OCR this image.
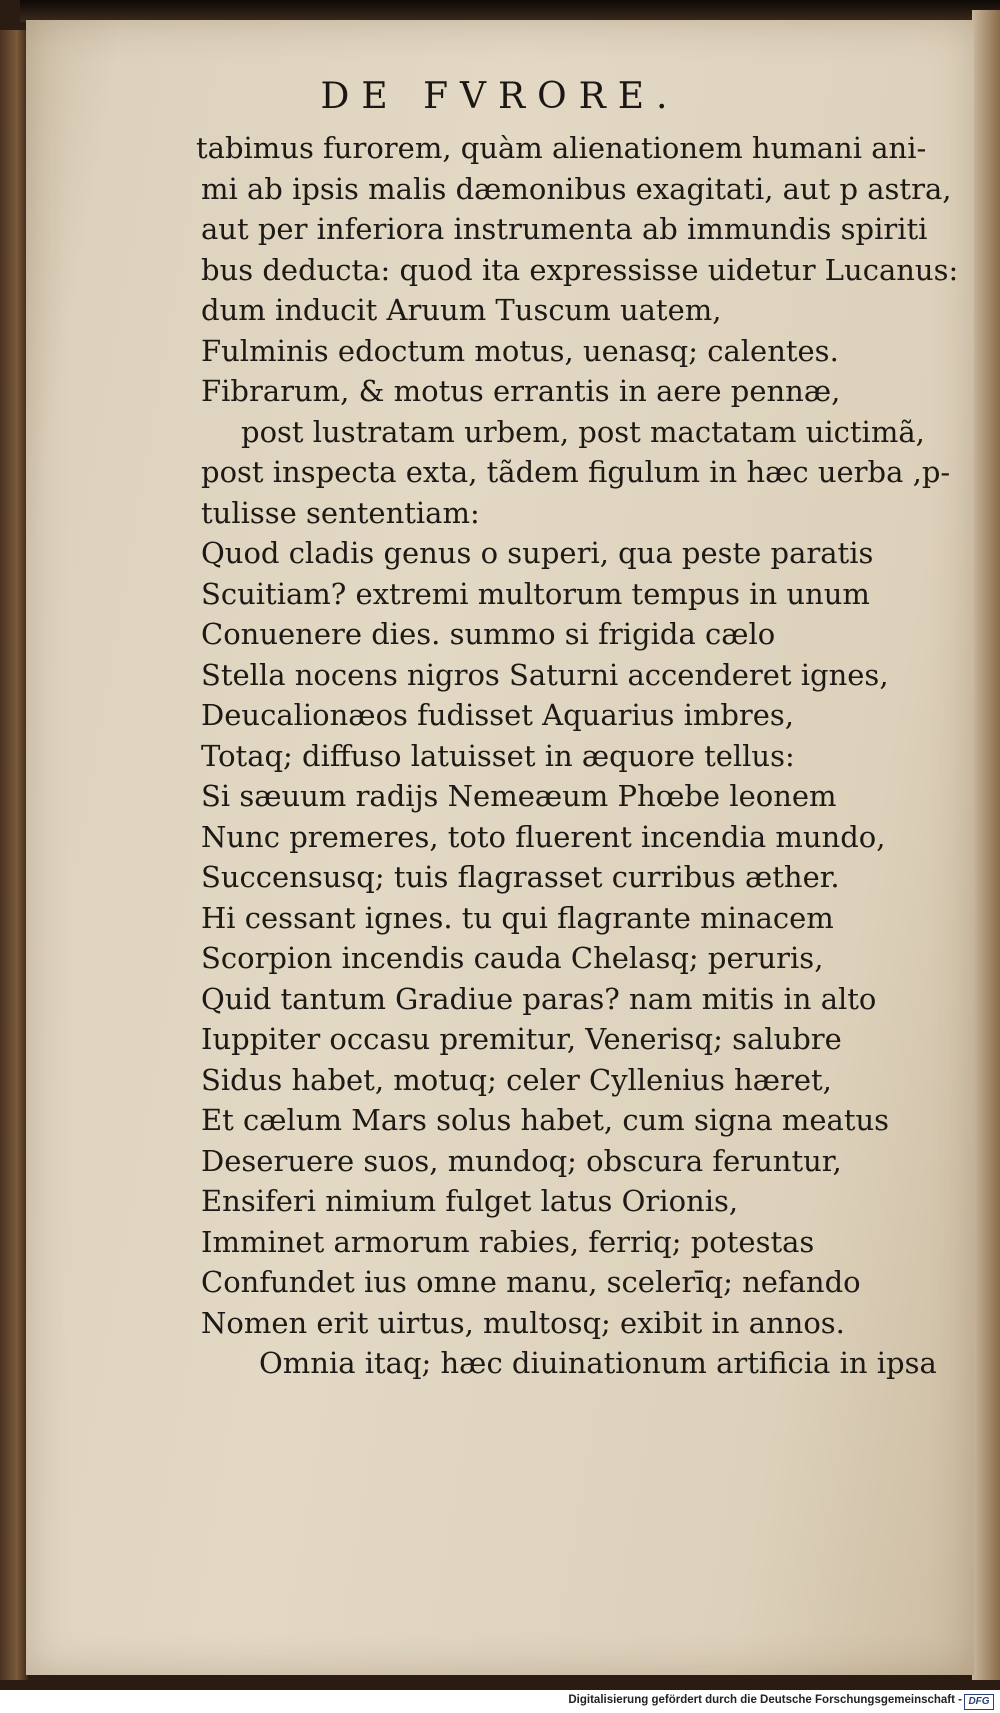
DE FVRORE.
tabimus furorem, quàm alienationem humani ani-
mi ab ipsis malis dæmonibus exagitati, aut p astra,
aut per inferiora instrumenta ab immundis spiriti
bus deducta: quod ita expressisse uidetur Lucanus:
dum inducit Aruum Tuscum uatem,
Fulminis edoctum motus, uenasq; calentes.
Fibrarum, & motus errantis in aere pennæ,
post lustratam urbem, post mactatam uictimã,
post inspecta exta, tãdem figulum in hæc uerba ,p-
tulisse sententiam:
Quod cladis genus o superi, qua peste paratis
Scuitiam? extremi multorum tempus in unum
Conuenere dies. summo si frigida cælo
Stella nocens nigros Saturni accenderet ignes,
Deucalionæos fudisset Aquarius imbres,
Totaq; diffuso latuisset in æquore tellus:
Si sæuum radijs Nemeæum Phœbe leonem
Nunc premeres, toto fluerent incendia mundo,
Succensusq; tuis flagrasset curribus æther.
Hi cessant ignes. tu qui flagrante minacem
Scorpion incendis cauda Chelasq; peruris,
Quid tantum Gradiue paras? nam mitis in alto
Iuppiter occasu premitur, Venerisq; salubre
Sidus habet, motuq; celer Cyllenius hæret,
Et cælum Mars solus habet, cum signa meatus
Deseruere suos, mundoq; obscura feruntur,
Ensiferi nimium fulget latus Orionis,
Imminet armorum rabies, ferriq; potestas
Confundet ius omne manu, scelerīq; nefando
Nomen erit uirtus, multosq; exibit in annos.
Omnia itaq; hæc diuinationum artificia in ipsa
Digitalisierung gefördert durch die Deutsche Forschungsgemeinschaft - DFG
